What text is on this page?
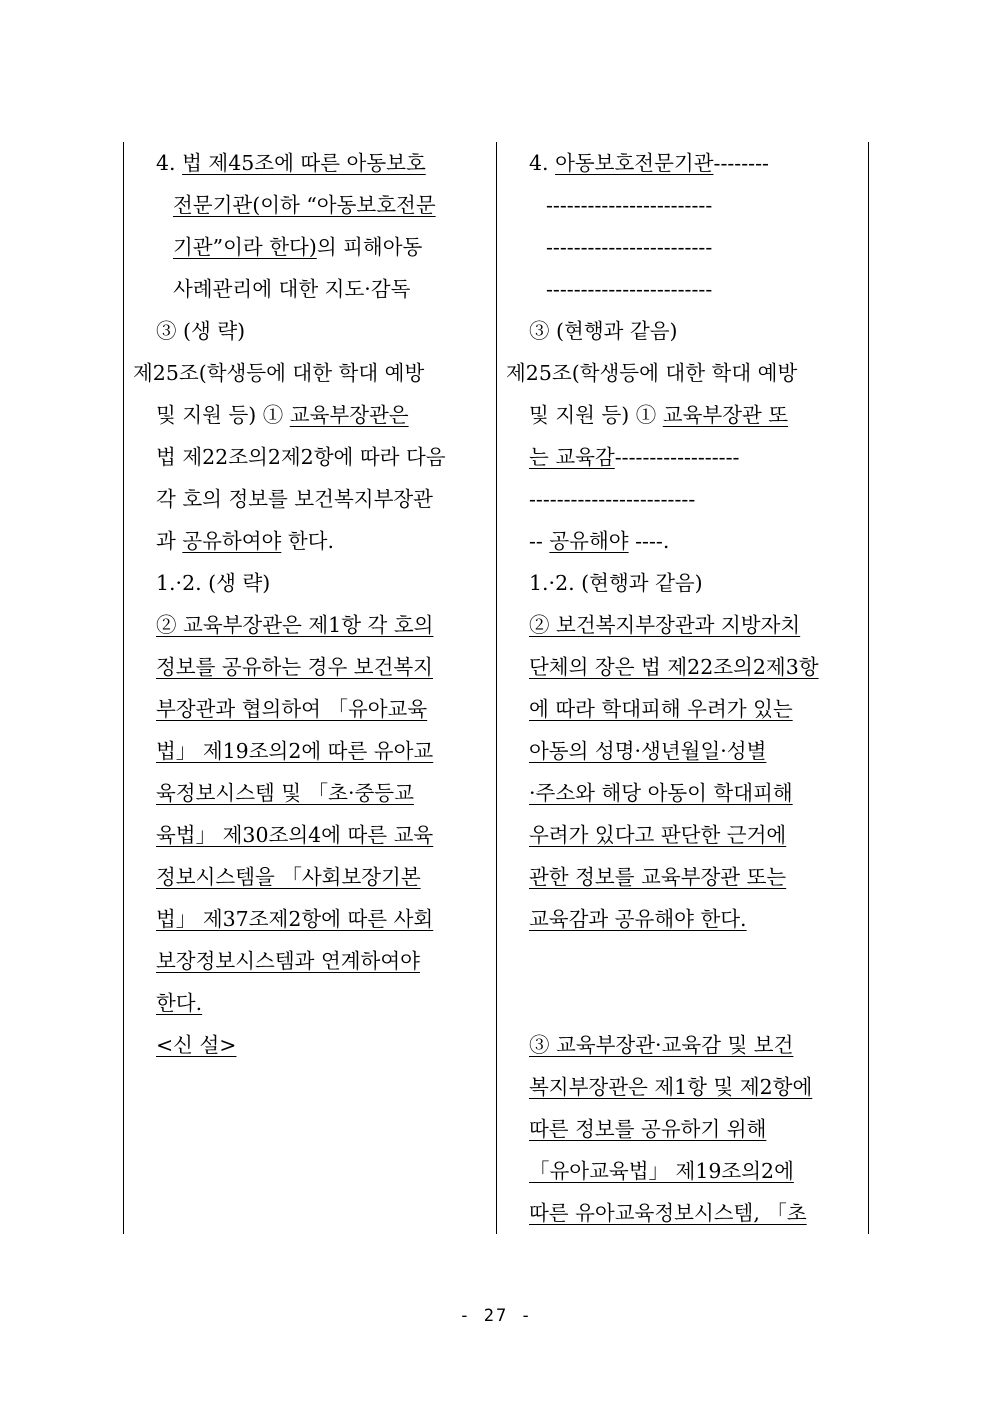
4. 법 제45조에 따른 아동보호
전문기관(이하 “아동보호전문
기관”이라 한다)의 피해아동
사례관리에 대한 지도·감독
③ (생 략)
제25조(학생등에 대한 학대 예방
및 지원 등) ① 교육부장관은
법 제22조의2제2항에 따라 다음
각 호의 정보를 보건복지부장관
과 공유하여야 한다.
1.·2. (생 략)
② 교육부장관은 제1항 각 호의
정보를 공유하는 경우 보건복지
부장관과 협의하여 「유아교육
법」 제19조의2에 따른 유아교
육정보시스템 및 「초·중등교
육법」 제30조의4에 따른 교육
정보시스템을 「사회보장기본
법」 제37조제2항에 따른 사회
보장정보시스템과 연계하여야
한다.
<신 설>
4. 아동보호전문기관--------
------------------------
------------------------
------------------------
③ (현행과 같음)
제25조(학생등에 대한 학대 예방
및 지원 등) ① 교육부장관 또
는 교육감------------------
------------------------
-- 공유해야 ----.
1.·2. (현행과 같음)
② 보건복지부장관과 지방자치
단체의 장은 법 제22조의2제3항
에 따라 학대피해 우려가 있는
아동의 성명·생년월일·성별
·주소와 해당 아동이 학대피해
우려가 있다고 판단한 근거에
관한 정보를 교육부장관 또는
교육감과 공유해야 한다.
③ 교육부장관·교육감 및 보건
복지부장관은 제1항 및 제2항에
따른 정보를 공유하기 위해
「유아교육법」 제19조의2에
따른 유아교육정보시스템, 「초
- 27 -
